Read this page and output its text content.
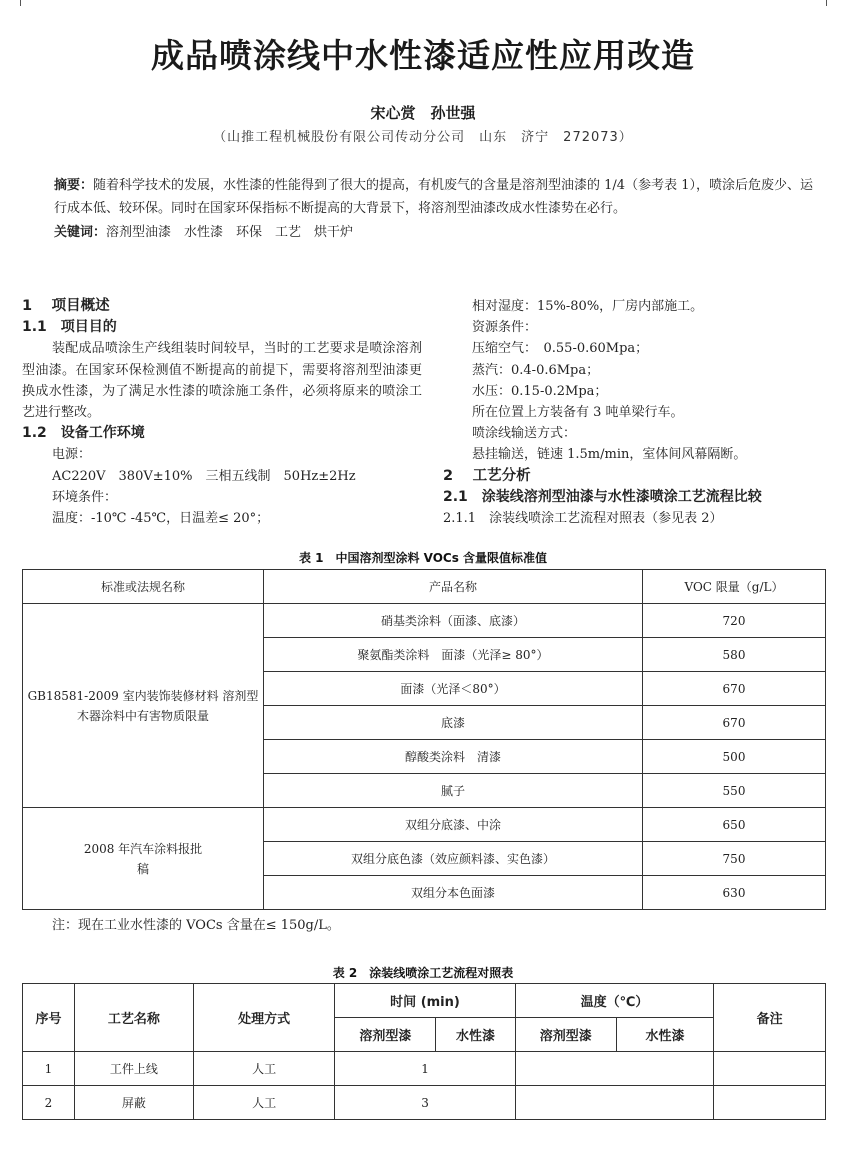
成品喷涂线中水性漆适应性应用改造
宋心赏　孙世强
（山推工程机械股份有限公司传动分公司　山东　济宁　272073）
摘要：随着科学技术的发展，水性漆的性能得到了很大的提高，有机废气的含量是溶剂型油漆的 1/4（参考表 1），喷涂后危废少、运行成本低、较环保。同时在国家环保指标不断提高的大背景下，将溶剂型油漆改成水性漆势在必行。
关键词：溶剂型油漆　水性漆　环保　工艺　烘干炉
1　 项目概述
1.1　项目目的
装配成品喷涂生产线组装时间较早，当时的工艺要求是喷涂溶剂型油漆。在国家环保检测值不断提高的前提下，需要将溶剂型油漆更换成水性漆，为了满足水性漆的喷涂施工条件，必须将原来的喷涂工艺进行整改。
1.2　设备工作环境
电源：
AC220V　380V±10%　三相五线制　50Hz±2Hz
环境条件：
温度：-10℃ -45℃，日温差≤ 20°；
相对湿度：15%-80%，厂房内部施工。
资源条件：
压缩空气：　0.55-0.60Mpa；
蒸汽：0.4-0.6Mpa；
水压：0.15-0.2Mpa；
所在位置上方装备有 3 吨单梁行车。
喷涂线输送方式：
悬挂输送，链速 1.5m/min，室体间风幕隔断。
2　 工艺分析
2.1　涂装线溶剂型油漆与水性漆喷涂工艺流程比较
2.1.1　涂装线喷涂工艺流程对照表（参见表 2）
表 1　中国溶剂型涂料 VOCs 含量限值标准值
标准或法规名称	产品名称	VOC 限量（g/L）
GB18581-2009 室内装饰装修材料 溶剂型木器涂料中有害物质限量	硝基类涂料（面漆、底漆）	720
	聚氨酯类涂料　面漆（光泽≥ 80°）	580
	面漆（光泽＜80°）	670
	底漆	670
	醇酸类涂料　清漆	500
	腻子	550
2008 年汽车涂料报批稿	双组分底漆、中涂	650
	双组分底色漆（效应颜料漆、实色漆）	750
	双组分本色面漆	630
注：现在工业水性漆的 VOCs 含量在≤ 150g/L。
表 2　涂装线喷涂工艺流程对照表
序号	工艺名称	处理方式	时间 (min)		温度（℃）		备注
			溶剂型漆	水性漆	溶剂型漆	水性漆	
1	工件上线	人工	1				
2	屏蔽	人工	3				
